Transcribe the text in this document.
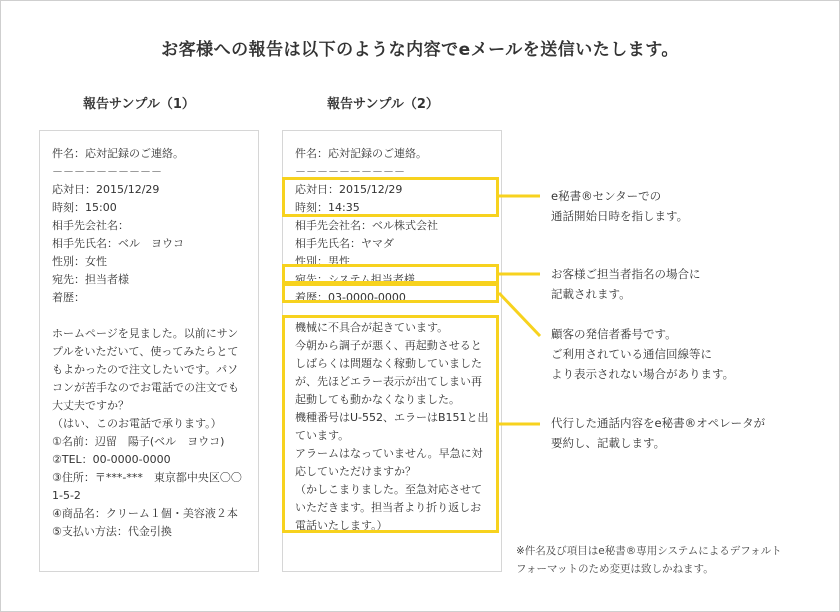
お客様への報告は以下のような内容でeメールを送信いたします。
報告サンプル（1）
件名：応対記録のご連絡。
－－－－－－－－－－
応対日：2015/12/29
時刻：15:00
相手先会社名：
相手先氏名：ベル　ヨウコ
性別：女性
宛先：担当者様
着歴：
ホームページを見ました。以前にサンプルをいただいて、使ってみたらとてもよかったので注文したいです。パソコンが苦手なのでお電話での注文でも大丈夫ですか？
（はい、このお電話で承ります。）
①名前：辺留　陽子(ベル　ヨウコ)
②TEL：00-0000-0000
③住所：〒***-***　東京都中央区〇〇1-5-2
④商品名：クリーム１個・美容液２本
⑤支払い方法：代金引換
報告サンプル（2）
件名：応対記録のご連絡。
－－－－－－－－－－
応対日：2015/12/29
時刻：14:35
相手先会社名：ベル株式会社
相手先氏名：ヤマダ
性別：男性
宛先：システム担当者様
着歴：03-0000-0000
機械に不具合が起きています。
今朝から調子が悪く、再起動させるとしばらくは問題なく稼動していましたが、先ほどエラー表示が出てしまい再起動しても動かなくなりました。
機種番号はU-552、エラーはB151と出ています。
アラームはなっていません。早急に対応していただけますか？
（かしこまりました。至急対応させていただきます。担当者より折り返しお電話いたします。）
e秘書®センターでの
通話開始日時を指します。
お客様ご担当者指名の場合に
記載されます。
顧客の発信者番号です。
ご利用されている通信回線等に
より表示されない場合があります。
代行した通話内容をe秘書®オペレータが
要約し、記載します。
※件名及び項目はe秘書®専用システムによるデフォルト
フォーマットのため変更は致しかねます。
